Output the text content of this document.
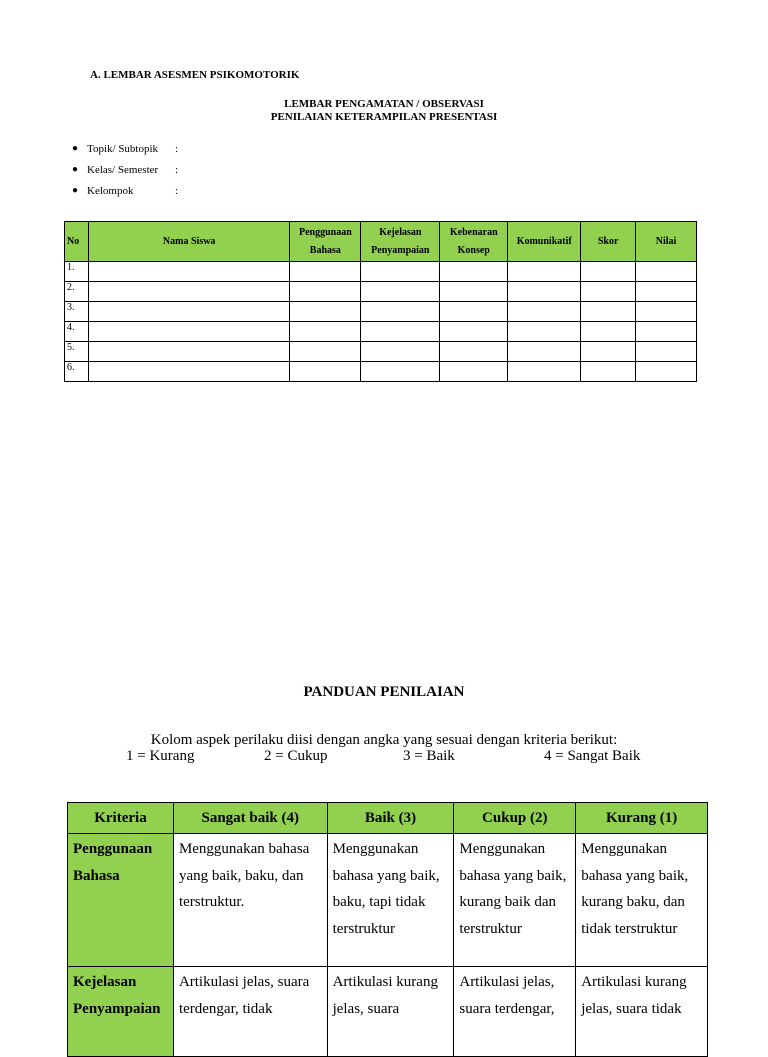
A. LEMBAR ASESMEN PSIKOMOTORIK
LEMBAR PENGAMATAN / OBSERVASI
PENILAIAN KETERAMPILAN PRESENTASI
● Topik/ Subtopik	:
● Kelas/ Semester	:
● Kelompok	:
No	Nama Siswa	Penggunaan Bahasa	Kejelasan Penyampaian	Kebenaran Konsep	Komunikatif	Skor	Nilai
1.							
2.							
3.							
4.							
5.							
6.							
PANDUAN PENILAIAN
Kolom aspek perilaku diisi dengan angka yang sesuai dengan kriteria berikut:
1 = Kurang	2 = Cukup	3 = Baik	4 = Sangat Baik
Kriteria	Sangat baik (4)	Baik (3)	Cukup (2)	Kurang (1)
Penggunaan Bahasa	Menggunakan bahasa yang baik, baku, dan terstruktur.	Menggunakan bahasa yang baik, baku, tapi tidak terstruktur	Menggunakan bahasa yang baik, kurang baik dan terstruktur	Menggunakan bahasa yang baik, kurang baku, dan tidak terstruktur
Kejelasan Penyampaian	Artikulasi jelas, suara terdengar, tidak	Artikulasi kurang jelas, suara	Artikulasi jelas, suara terdengar,	Artikulasi kurang jelas, suara tidak
